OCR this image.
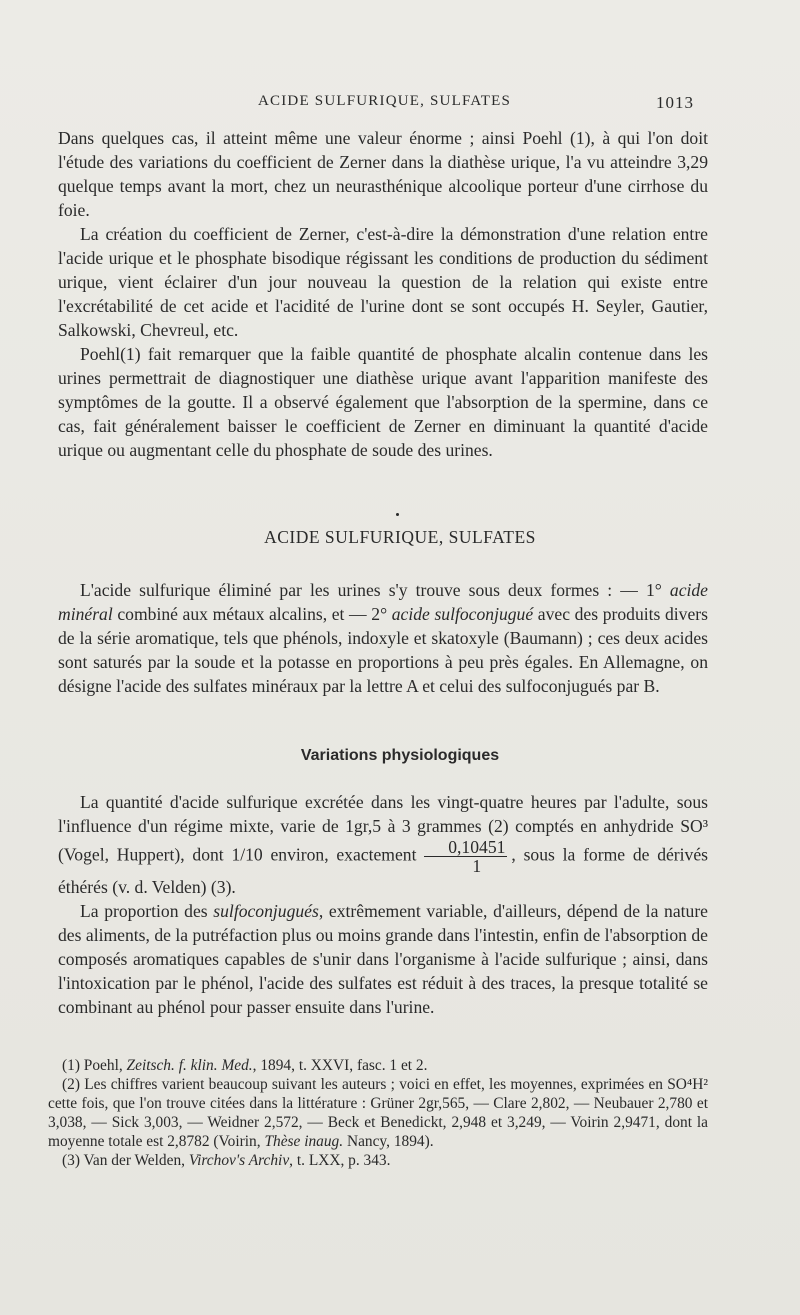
ACIDE SULFURIQUE, SULFATES	1013

Dans quelques cas, il atteint même une valeur énorme ; ainsi Poehl (1), à qui l'on doit l'étude des variations du coefficient de Zerner dans la diathèse urique, l'a vu atteindre 3,29 quelque temps avant la mort, chez un neurasthénique alcoolique porteur d'une cirrhose du foie.

La création du coefficient de Zerner, c'est-à-dire la démonstration d'une relation entre l'acide urique et le phosphate bisodique régissant les conditions de production du sédiment urique, vient éclairer d'un jour nouveau la question de la relation qui existe entre l'excrétabilité de cet acide et l'acidité de l'urine dont se sont occupés H. Seyler, Gautier, Salkowski, Chevreul, etc.

Poehl(1) fait remarquer que la faible quantité de phosphate alcalin contenue dans les urines permettrait de diagnostiquer une diathèse urique avant l'apparition manifeste des symptômes de la goutte. Il a observé également que l'absorption de la spermine, dans ce cas, fait généralement baisser le coefficient de Zerner en diminuant la quantité d'acide urique ou augmentant celle du phosphate de soude des urines.

ACIDE SULFURIQUE, SULFATES

L'acide sulfurique éliminé par les urines s'y trouve sous deux formes : — 1° acide minéral combiné aux métaux alcalins, et — 2° acide sulfoconjugué avec des produits divers de la série aromatique, tels que phénols, indoxyle et skatoxyle (Baumann) ; ces deux acides sont saturés par la soude et la potasse en proportions à peu près égales. En Allemagne, on désigne l'acide des sulfates minéraux par la lettre A et celui des sulfoconjugués par B.

Variations physiologiques

La quantité d'acide sulfurique excrétée dans les vingt-quatre heures par l'adulte, sous l'influence d'un régime mixte, varie de 1gr,5 à 3 grammes (2) comptés en anhydride SO³ (Vogel, Huppert), dont 1/10 environ, exactement $\frac{0,10451}{1}$ , sous la forme de dérivés éthérés (v. d. Velden) (3).

La proportion des sulfoconjugués, extrêmement variable, d'ailleurs, dépend de la nature des aliments, de la putréfaction plus ou moins grande dans l'intestin, enfin de l'absorption de composés aromatiques capables de s'unir dans l'organisme à l'acide sulfurique ; ainsi, dans l'intoxication par le phénol, l'acide des sulfates est réduit à des traces, la presque totalité se combinant au phénol pour passer ensuite dans l'urine.

(1) Poehl, Zeitsch. f. klin. Med., 1894, t. XXVI, fasc. 1 et 2.

(2) Les chiffres varient beaucoup suivant les auteurs ; voici en effet, les moyennes, exprimées en SO⁴H² cette fois, que l'on trouve citées dans la littérature : Grüner 2gr,565, — Clare 2,802, — Neubauer 2,780 et 3,038, — Sick 3,003, — Weidner 2,572, — Beck et Benedickt, 2,948 et 3,249, — Voirin 2,9471, dont la moyenne totale est 2,8782 (Voirin, Thèse inaug. Nancy, 1894).

(3) Van der Welden, Virchov's Archiv, t. LXX, p. 343.
